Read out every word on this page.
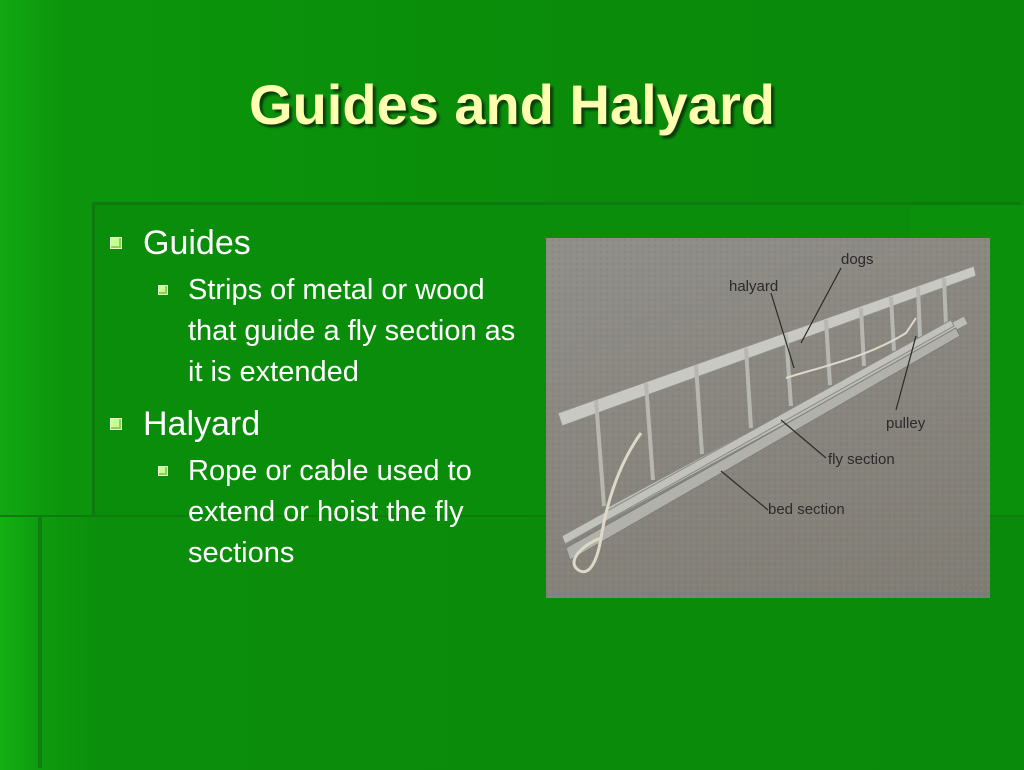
Guides and Halyard
Guides
Strips of metal or wood that guide a fly section as it is extended
Halyard
Rope or cable used to extend or hoist the fly sections
dogs
halyard
pulley
fly section
bed section
